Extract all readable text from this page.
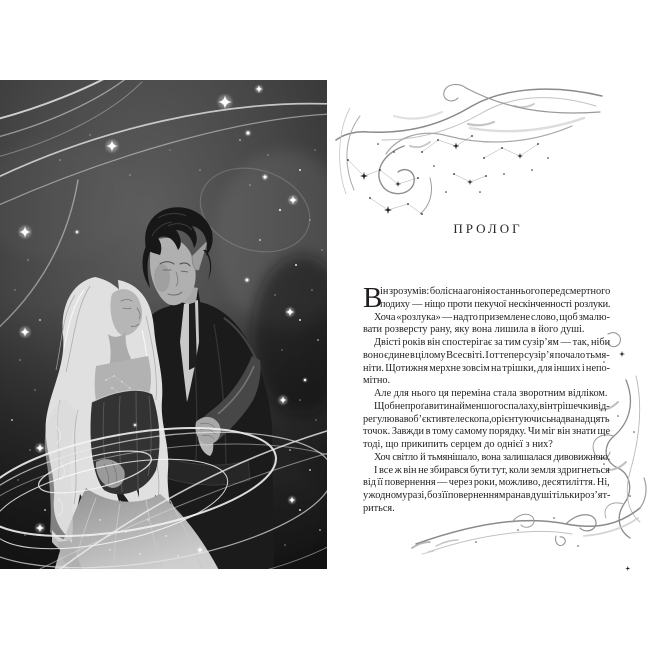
ПРОЛОГ
В
ін зрозумів: болісна агонія останнього передсмертного
подиху — ніщо проти пекучої нескінченності розлуки.
Хоча «розлука» — надто приземлене слово, щоб змалю-
вати розверсту рану, яку вона лишила в його душі.
Двісті років він спостерігає за тим сузір’ям — так, ніби
воно єдине в цілому Всесвіті. І от тепер сузір’я почало тьмя-
ніти. Щотижня мерхне зовсім на трішки, для інших і непо-
мітно.
Але для нього ця переміна стала зворотним відліком.
Щоб не проґавити найменшого спалаху, він трішечки від-
регулював об’єктив телескопа, орієнтуючись на дванадцять
точок. Завжди в тому самому порядку. Чи міг він знати ще
тоді, що прикипить серцем до однієї з них?
Хоч світло й тьмянішало, вона залишалася дивовижною.
І все ж він не збирався бути тут, коли земля здригнеться
від її повернення — через роки, можливо, десятиліття. Ні,
у жодному разі, бо з її поверненням рана в душі тільки роз’ят-
риться.
